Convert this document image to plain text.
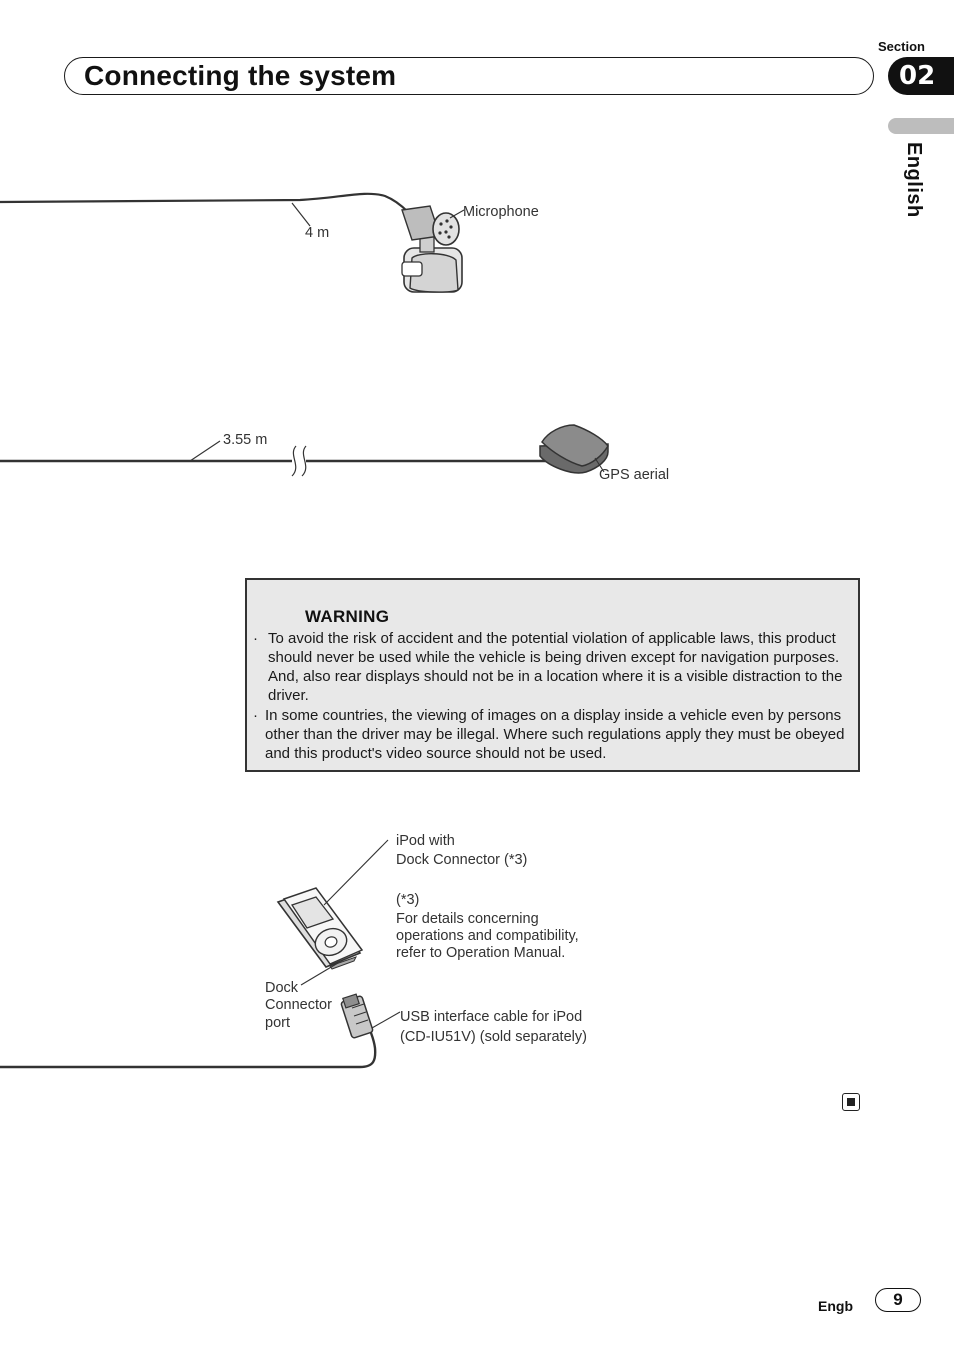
Connecting the system
Section
02
English
4 m
Microphone
3.55 m
GPS aerial
WARNING
· To avoid the risk of accident and the potential violation of applicable laws, this product should never be used while the vehicle is being driven except for navigation purposes. And, also rear displays should not be in a location where it is a visible distraction to the driver.
· In some countries, the viewing of images on a display inside a vehicle even by persons other than the driver may be illegal. Where such regulations apply they must be obeyed and this product's video source should not be used.
iPod with
Dock Connector (*3)
(*3)
For details concerning
operations and compatibility,
refer to Operation Manual.
Dock
Connector
port	USB interface cable for iPod
(CD-IU51V) (sold separately)
Engb	9
